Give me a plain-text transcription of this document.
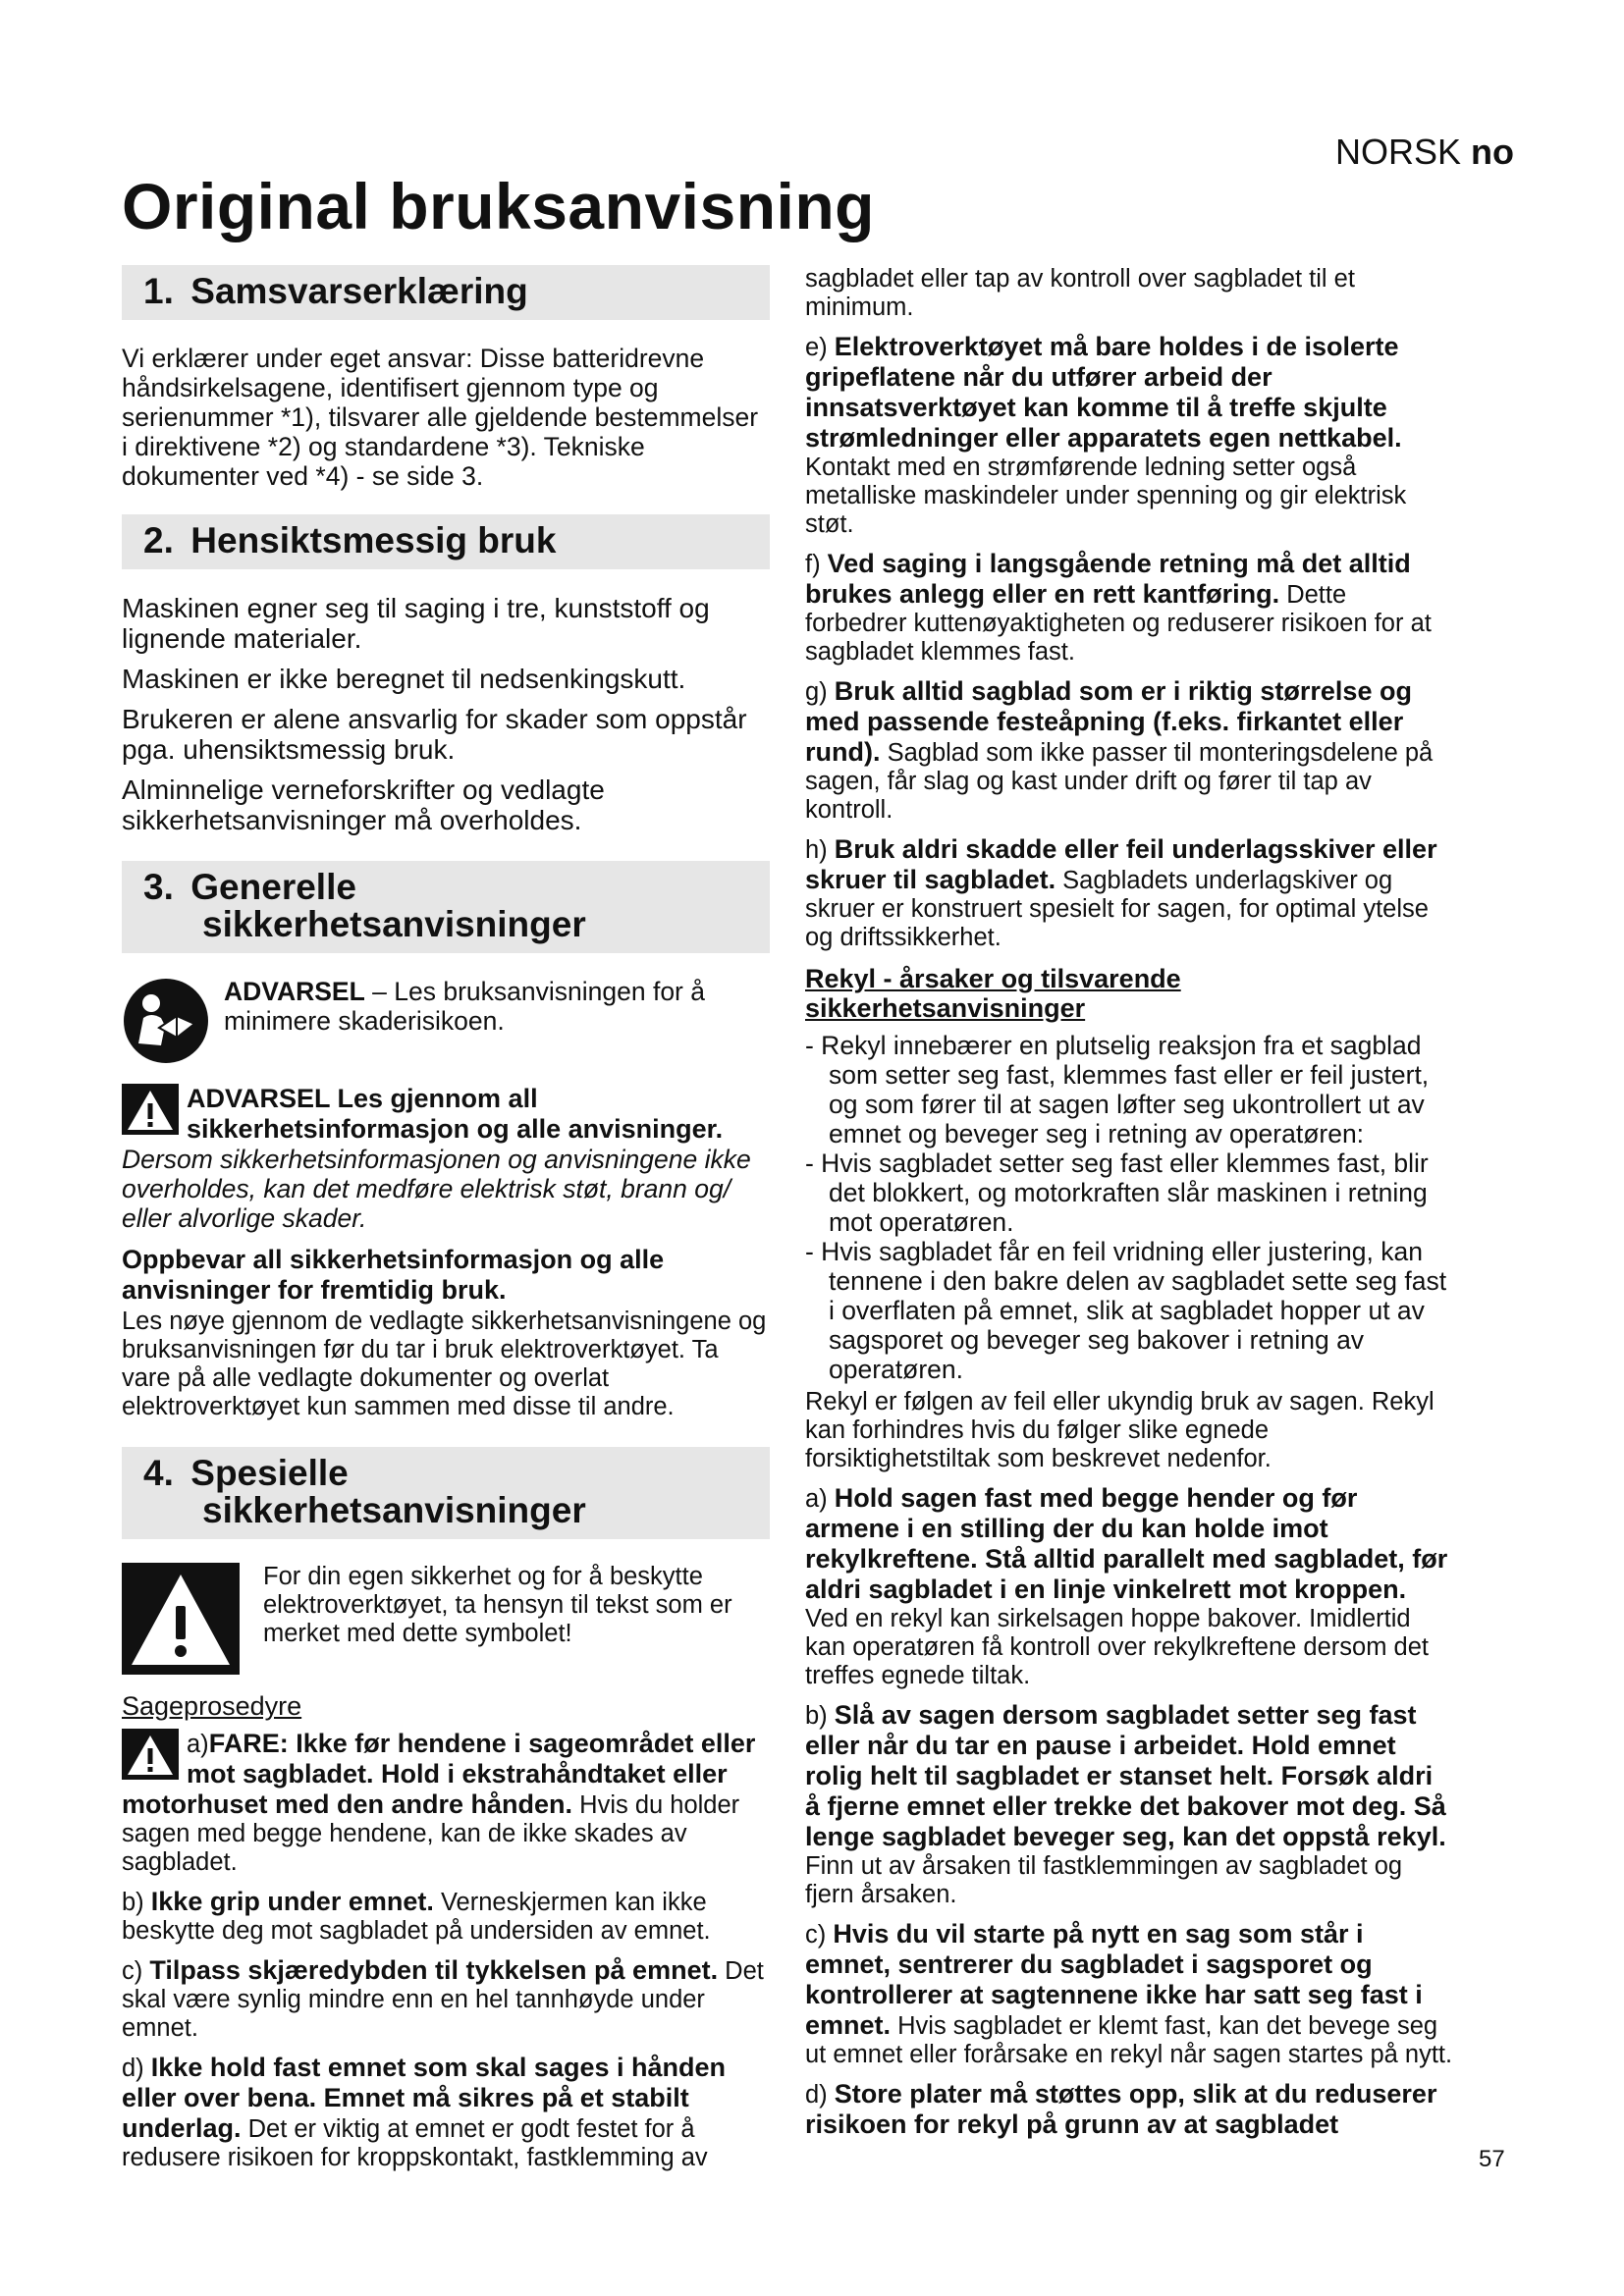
NORSK no
Original bruksanvisning
1. Samsvarserklæring

Vi erklærer under eget ansvar: Disse batteridrevne håndsirkelsagene, identifisert gjennom type og serienummer *1), tilsvarer alle gjeldende bestemmelser i direktivene *2) og standardene *3). Tekniske dokumenter ved *4) - se side 3.

2. Hensiktsmessig bruk

Maskinen egner seg til saging i tre, kunststoff og lignende materialer.

Maskinen er ikke beregnet til nedsenkingskutt.

Brukeren er alene ansvarlig for skader som oppstår pga. uhensiktsmessig bruk.

Alminnelige verneforskrifter og vedlagte sikkerhetsanvisninger må overholdes.

3. Generelle
sikkerhetsanvisninger
ADVARSEL – Les bruksanvisningen for å minimere skaderisikoen.
ADVARSEL Les gjennom all sikkerhetsinformasjon og alle anvisninger.
Dersom sikkerhetsinformasjonen og anvisningene ikke overholdes, kan det medføre elektrisk støt, brann og/ eller alvorlige skader.

Oppbevar all sikkerhetsinformasjon og alle anvisninger for fremtidig bruk.

Les nøye gjennom de vedlagte sikkerhetsanvisningene og bruksanvisningen før du tar i bruk elektroverktøyet. Ta vare på alle vedlagte dokumenter og overlat elektroverktøyet kun sammen med disse til andre.

4. Spesielle
sikkerhetsanvisninger
For din egen sikkerhet og for å beskytte elektroverktøyet, ta hensyn til tekst som er merket med dette symbolet!
Sageprosedyre
a)FARE: Ikke før hendene i sageområdet eller mot sagbladet. Hold i ekstrahåndtaket eller motorhuset med den andre hånden. Hvis du holder sagen med begge hendene, kan de ikke skades av sagbladet.

b) Ikke grip under emnet. Verneskjermen kan ikke beskytte deg mot sagbladet på undersiden av emnet.

c) Tilpass skjæredybden til tykkelsen på emnet. Det skal være synlig mindre enn en hel tannhøyde under emnet.

d) Ikke hold fast emnet som skal sages i hånden eller over bena. Emnet må sikres på et stabilt underlag. Det er viktig at emnet er godt festet for å redusere risikoen for kroppskontakt, fastklemming av

sagbladet eller tap av kontroll over sagbladet til et minimum.

e) Elektroverktøyet må bare holdes i de isolerte gripeflatene når du utfører arbeid der innsatsverktøyet kan komme til å treffe skjulte strømledninger eller apparatets egen nettkabel. Kontakt med en strømførende ledning setter også metalliske maskindeler under spenning og gir elektrisk støt.

f) Ved saging i langsgående retning må det alltid brukes anlegg eller en rett kantføring. Dette forbedrer kuttenøyaktigheten og reduserer risikoen for at sagbladet klemmes fast.

g) Bruk alltid sagblad som er i riktig størrelse og med passende festeåpning (f.eks. firkantet eller rund). Sagblad som ikke passer til monteringsdelene på sagen, får slag og kast under drift og fører til tap av kontroll.

h) Bruk aldri skadde eller feil underlagsskiver eller skruer til sagbladet. Sagbladets underlagskiver og skruer er konstruert spesielt for sagen, for optimal ytelse og driftssikkerhet.

Rekyl - årsaker og tilsvarende sikkerhetsanvisninger
- Rekyl innebærer en plutselig reaksjon fra et sagblad som setter seg fast, klemmes fast eller er feil justert, og som fører til at sagen løfter seg ukontrollert ut av emnet og beveger seg i retning av operatøren:
- Hvis sagbladet setter seg fast eller klemmes fast, blir det blokkert, og motorkraften slår maskinen i retning mot operatøren.
- Hvis sagbladet får en feil vridning eller justering, kan tennene i den bakre delen av sagbladet sette seg fast i overflaten på emnet, slik at sagbladet hopper ut av sagsporet og beveger seg bakover i retning av operatøren.

Rekyl er følgen av feil eller ukyndig bruk av sagen. Rekyl kan forhindres hvis du følger slike egnede forsiktighetstiltak som beskrevet nedenfor.

a) Hold sagen fast med begge hender og før armene i en stilling der du kan holde imot rekylkreftene. Stå alltid parallelt med sagbladet, før aldri sagbladet i en linje vinkelrett mot kroppen. Ved en rekyl kan sirkelsagen hoppe bakover. Imidlertid kan operatøren få kontroll over rekylkreftene dersom det treffes egnede tiltak.

b) Slå av sagen dersom sagbladet setter seg fast eller når du tar en pause i arbeidet. Hold emnet rolig helt til sagbladet er stanset helt. Forsøk aldri å fjerne emnet eller trekke det bakover mot deg. Så lenge sagbladet beveger seg, kan det oppstå rekyl. Finn ut av årsaken til fastklemmingen av sagbladet og fjern årsaken.

c) Hvis du vil starte på nytt en sag som står i emnet, sentrerer du sagbladet i sagsporet og kontrollerer at sagtennene ikke har satt seg fast i emnet. Hvis sagbladet er klemt fast, kan det bevege seg ut emnet eller forårsake en rekyl når sagen startes på nytt.

d) Store plater må støttes opp, slik at du reduserer risikoen for rekyl på grunn av at sagbladet

57
